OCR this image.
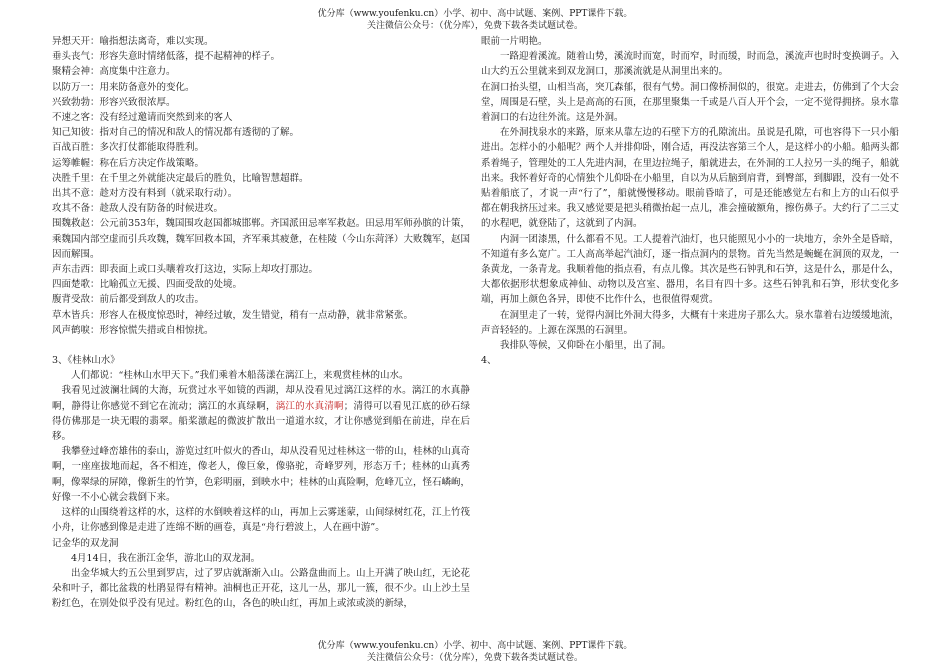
优分库（www.youfenku.cn）小学、初中、高中试题、案例、PPT课件下载。
关注微信公众号：（优分库），免费下载各类试题试卷。
异想天开：喻指想法离奇，难以实现。
垂头丧气：形容失意时情绪低落，提不起精神的样子。
聚精会神：高度集中注意力。
以防万一：用来防备意外的变化。
兴致勃勃：形容兴致很浓厚。
不速之客：没有经过邀请而突然到来的客人
知己知彼：指对自己的情况和敌人的情况都有透彻的了解。
百战百胜：多次打仗都能取得胜利。
运筹帷幄：称在后方决定作战策略。
决胜千里：在千里之外就能决定最后的胜负，比喻智慧超群。
出其不意：趁对方没有料到（就采取行动）。
攻其不备：趁敌人没有防备的时候进攻。
围魏救赵：公元前353年，魏国围攻赵国都城邯郸。齐国派田忌率军救赵。田忌用军师孙膑的计策，乘魏国内部空虚而引兵攻魏，魏军回救本国，齐军乘其疲惫，在桂陵（今山东菏泽）大败魏军，赵国因而解围。
声东击西：即表面上或口头嚷着攻打这边，实际上却攻打那边。
四面楚歌：比喻孤立无援、四面受敌的处境。
腹背受敌：前后都受到敌人的攻击。
草木皆兵：形容人在极度惊恐时，神经过敏，发生错觉，稍有一点动静，就非常紧张。
风声鹤唳：形容惊慌失措或自相惊扰。
3、《桂林山水》
人们都说：“桂林山水甲天下。”我们乘着木船荡漾在漓江上，来观赏桂林的山水。
我看见过波澜壮阔的大海，玩赏过水平如镜的西湖，却从没看见过漓江这样的水。漓江的水真静啊，静得让你感觉不到它在流动；漓江的水真绿啊，漓江的水真清啊；清得可以看见江底的砂石绿得仿佛那是一块无暇的翡翠。船桨激起的微波扩散出一道道水纹，才让你感觉到船在前进，岸在后移。
我攀登过峰峦雄伟的泰山，游览过红叶似火的香山，却从没看见过桂林这一带的山，桂林的山真奇啊，一座座拔地而起，各不相连，像老人，像巨象，像骆驼，奇峰罗列，形态万千；桂林的山真秀啊，像翠绿的屏障，像新生的竹笋，色彩明丽，到映水中；桂林的山真险啊，危峰兀立，怪石嶙峋，好像一不小心就会栽倒下来。
这样的山围绕着这样的水，这样的水倒映着这样的山，再加上云雾迷蒙，山间绿树红花，江上竹筏小舟，让你感到像是走进了连绵不断的画卷，真是“舟行碧波上，人在画中游”。
记金华的双龙洞
4月14日，我在浙江金华，游北山的双龙洞。
出金华城大约五公里到罗店，过了罗店就渐渐入山。公路盘曲而上。山上开满了映山红，无论花朵和叶子，都比盆栽的杜鹃显得有精神。油桐也正开花，这儿一丛，那儿一簇，很不少。山上沙土呈粉红色，在别处似乎没有见过。粉红色的山，各色的映山红，再加上或浓或淡的新绿，
眼前一片明艳。
一路迎着溪流。随着山势，溪流时而宽，时而窄，时而缓，时而急，溪流声也时时变换调子。入山大约五公里就来到双龙洞口，那溪流就是从洞里出来的。
在洞口抬头望，山相当高，突兀森郁，很有气势。洞口像桥洞似的，很宽。走进去，仿佛到了个大会堂，周围是石壁，头上是高高的石顶，在那里聚集一千或是八百人开个会，一定不觉得拥挤。泉水靠着洞口的右边往外流。这是外洞。
在外洞找泉水的来路，原来从靠左边的石壁下方的孔隙流出。虽说是孔隙，可也容得下一只小船进出。怎样小的小船呢？两个人并排仰卧，刚合适，再没法容第三个人，是这样小的小船。船两头都系着绳子，管理处的工人先进内洞，在里边拉绳子，船就进去，在外洞的工人拉另一头的绳子，船就出来。我怀着好奇的心情独个儿仰卧在小船里，自以为从后脑到肩背，到臀部，到脚跟，没有一处不贴着船底了，才说一声“行了”，船就慢慢移动。眼前昏暗了，可是还能感觉左右和上方的山石似乎都在朝我挤压过来。我又感觉要是把头稍微抬起一点儿，准会撞破额角，擦伤鼻子。大约行了二三丈的水程吧，就登陆了，这就到了内洞。
内洞一团漆黑，什么都看不见。工人提着汽油灯，也只能照见小小的一块地方，余外全是昏暗，不知道有多么宽广。工人高高举起汽油灯，逐一指点洞内的景物。首先当然是蜿蜒在洞顶的双龙，一条黄龙，一条青龙。我顺着他的指点看，有点儿像。其次是些石钟乳和石笋，这是什么，那是什么，大都依据形状想象成神仙、动物以及宫室、器用，名目有四十多。这些石钟乳和石笋，形状变化多端，再加上颜色各异，即使不比作什么，也很值得观赏。
在洞里走了一转，觉得内洞比外洞大得多，大概有十来进房子那么大。泉水靠着右边缓缓地流，声音轻轻的。上源在深黑的石洞里。
我排队等候，又仰卧在小船里，出了洞。
4、
优分库（www.youfenku.cn）小学、初中、高中试题、案例、PPT课件下载。
关注微信公众号：（优分库），免费下载各类试题试卷。
